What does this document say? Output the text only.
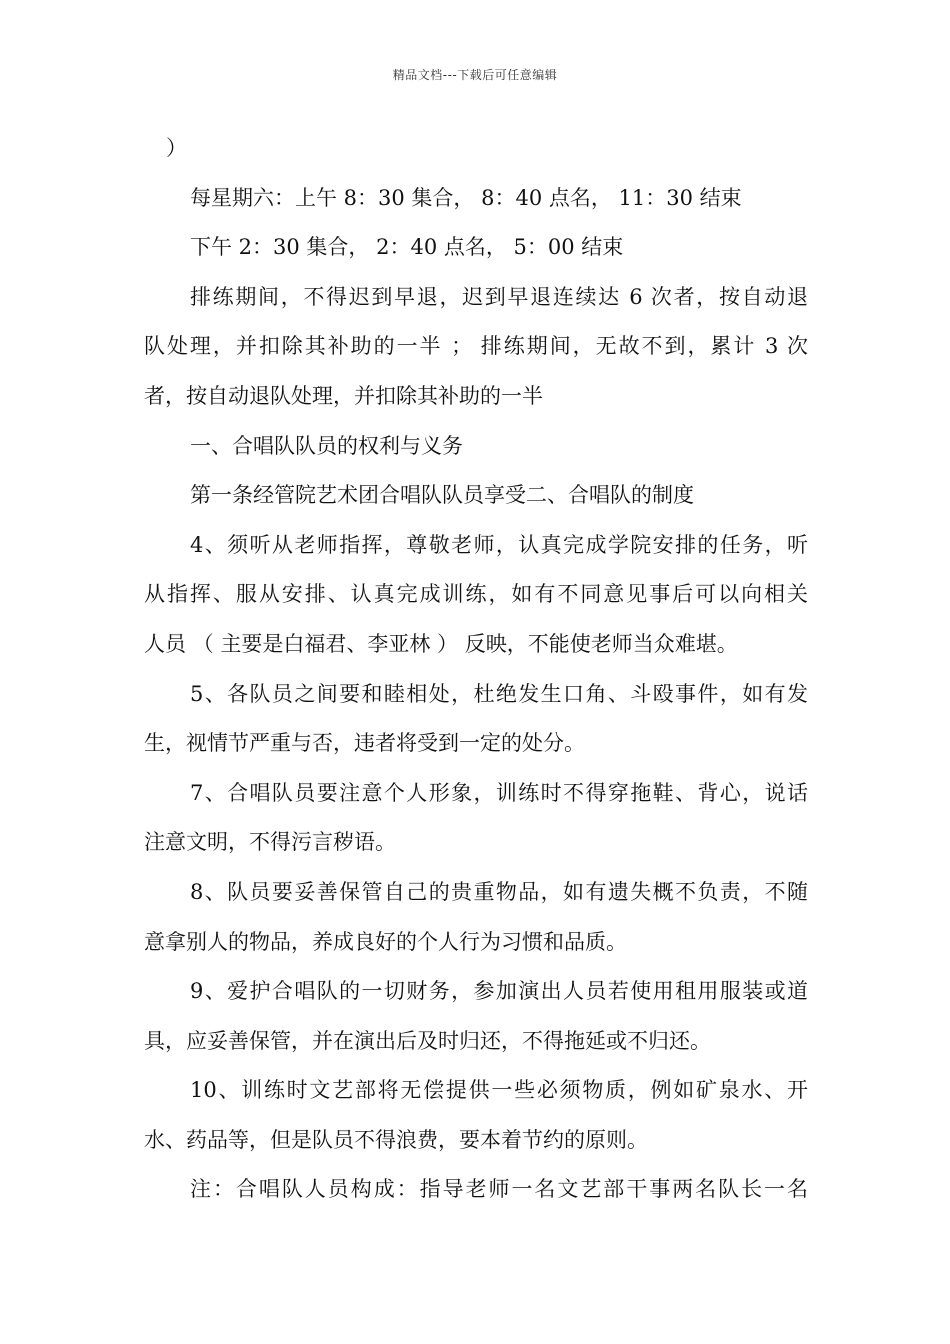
精品文档---下载后可任意编辑
）
每星期六：上午 8：30 集合， 8：40 点名， 11：30 结束
下午 2：30 集合， 2：40 点名， 5：00 结束
排练期间，不得迟到早退，迟到早退连续达 6 次者，按自动退
队处理，并扣除其补助的一半 ； 排练期间，无故不到，累计 3 次
者，按自动退队处理，并扣除其补助的一半
一、合唱队队员的权利与义务
第一条经管院艺术团合唱队队员享受二、合唱队的制度
4、须听从老师指挥，尊敬老师，认真完成学院安排的任务，听
从指挥、服从安排、认真完成训练，如有不同意见事后可以向相关
人员 （ 主要是白福君、李亚林 ） 反映，不能使老师当众难堪。
5、各队员之间要和睦相处，杜绝发生口角、斗殴事件，如有发
生，视情节严重与否，违者将受到一定的处分。
7、合唱队员要注意个人形象，训练时不得穿拖鞋、背心，说话
注意文明，不得污言秽语。
8、队员要妥善保管自己的贵重物品，如有遗失概不负责，不随
意拿别人的物品，养成良好的个人行为习惯和品质。
9、爱护合唱队的一切财务，参加演出人员若使用租用服装或道
具，应妥善保管，并在演出后及时归还，不得拖延或不归还。
10、训练时文艺部将无偿提供一些必须物质，例如矿泉水、开
水、药品等，但是队员不得浪费，要本着节约的原则。
注：合唱队人员构成：指导老师一名文艺部干事两名队长一名
